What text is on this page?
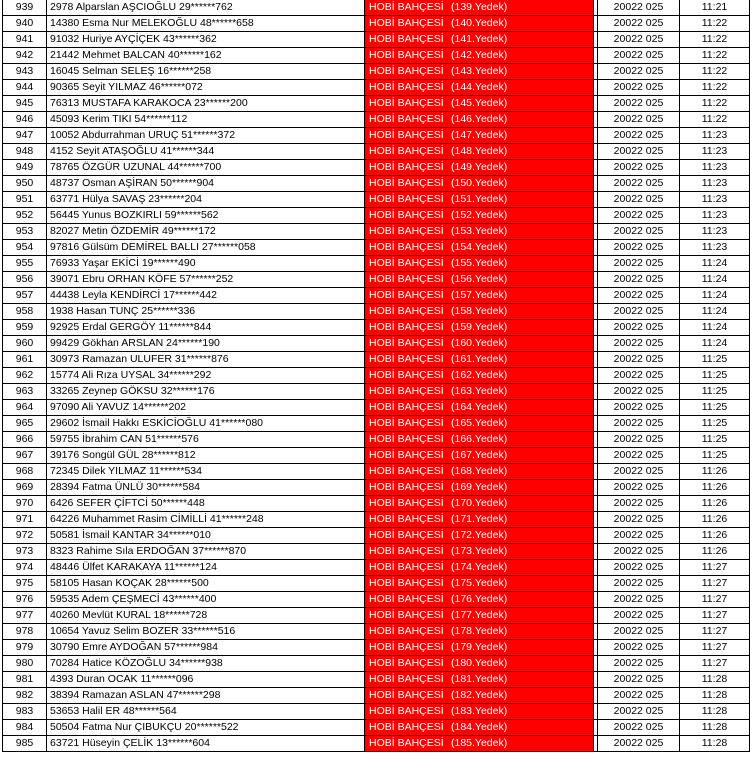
939	2978 Alparslan AŞCIOĞLU 29******762	HOBİ BAHÇESİ (139.Yedek)	20022 025	11:21
940	14380 Esma Nur MELEKOĞLU 48******658	HOBİ BAHÇESİ (140.Yedek)	20022 025	11:22
941	91032 Huriye AYÇİÇEK 43******362	HOBİ BAHÇESİ (141.Yedek)	20022 025	11:22
942	21442 Mehmet BALCAN 40******162	HOBİ BAHÇESİ (142.Yedek)	20022 025	11:22
943	16045 Selman SELEŞ 16******258	HOBİ BAHÇESİ (143.Yedek)	20022 025	11:22
944	90365 Seyit YILMAZ 46******072	HOBİ BAHÇESİ (144.Yedek)	20022 025	11:22
945	76313 MUSTAFA KARAKOCA 23******200	HOBİ BAHÇESİ (145.Yedek)	20022 025	11:22
946	45093 Kerim TIKI 54******112	HOBİ BAHÇESİ (146.Yedek)	20022 025	11:22
947	10052 Abdurrahman URUÇ 51******372	HOBİ BAHÇESİ (147.Yedek)	20022 025	11:23
948	4152 Seyit ATAŞOĞLU 41******344	HOBİ BAHÇESİ (148.Yedek)	20022 025	11:23
949	78765 ÖZGÜR UZUNAL 44******700	HOBİ BAHÇESİ (149.Yedek)	20022 025	11:23
950	48737 Osman AŞİRAN 50******904	HOBİ BAHÇESİ (150.Yedek)	20022 025	11:23
951	63771 Hülya SAVAŞ 23******204	HOBİ BAHÇESİ (151.Yedek)	20022 025	11:23
952	56445 Yunus BOZKIRLI 59******562	HOBİ BAHÇESİ (152.Yedek)	20022 025	11:23
953	82027 Metin ÖZDEMİR 49******172	HOBİ BAHÇESİ (153.Yedek)	20022 025	11:23
954	97816 Gülsüm DEMİREL BALLI 27******058	HOBİ BAHÇESİ (154.Yedek)	20022 025	11:23
955	76933 Yaşar EKİCİ 19******490	HOBİ BAHÇESİ (155.Yedek)	20022 025	11:24
956	39071 Ebru ORHAN KÖFE 57******252	HOBİ BAHÇESİ (156.Yedek)	20022 025	11:24
957	44438 Leyla KENDİRCİ 17******442	HOBİ BAHÇESİ (157.Yedek)	20022 025	11:24
958	1938 Hasan TUNÇ 25******336	HOBİ BAHÇESİ (158.Yedek)	20022 025	11:24
959	92925 Erdal GERGÖY 11******844	HOBİ BAHÇESİ (159.Yedek)	20022 025	11:24
960	99429 Gökhan ARSLAN 24******190	HOBİ BAHÇESİ (160.Yedek)	20022 025	11:24
961	30973 Ramazan ULUFER 31******876	HOBİ BAHÇESİ (161.Yedek)	20022 025	11:25
962	15774 Ali Rıza UYSAL 34******292	HOBİ BAHÇESİ (162.Yedek)	20022 025	11:25
963	33265 Zeynep GÖKSU 32******176	HOBİ BAHÇESİ (163.Yedek)	20022 025	11:25
964	97090 Ali YAVUZ 14******202	HOBİ BAHÇESİ (164.Yedek)	20022 025	11:25
965	29602 İsmail Hakkı ESKİCİOĞLU 41******080	HOBİ BAHÇESİ (165.Yedek)	20022 025	11:25
966	59755 İbrahim CAN 51******576	HOBİ BAHÇESİ (166.Yedek)	20022 025	11:25
967	39176 Songül GÜL 28******812	HOBİ BAHÇESİ (167.Yedek)	20022 025	11:25
968	72345 Dilek YILMAZ 11******534	HOBİ BAHÇESİ (168.Yedek)	20022 025	11:26
969	28394 Fatma ÜNLÜ 30******584	HOBİ BAHÇESİ (169.Yedek)	20022 025	11:26
970	6426 SEFER ÇİFTCİ 50******448	HOBİ BAHÇESİ (170.Yedek)	20022 025	11:26
971	64226 Muhammet Rasim CİMİLLİ 41******248	HOBİ BAHÇESİ (171.Yedek)	20022 025	11:26
972	50581 İsmail KANTAR 34******010	HOBİ BAHÇESİ (172.Yedek)	20022 025	11:26
973	8323 Rahime Sıla ERDOĞAN 37******870	HOBİ BAHÇESİ (173.Yedek)	20022 025	11:26
974	48446 Ülfet KARAKAYA 11******124	HOBİ BAHÇESİ (174.Yedek)	20022 025	11:27
975	58105 Hasan KOÇAK 28******500	HOBİ BAHÇESİ (175.Yedek)	20022 025	11:27
976	59535 Adem ÇEŞMECİ 43******400	HOBİ BAHÇESİ (176.Yedek)	20022 025	11:27
977	40260 Mevlüt KURAL 18******728	HOBİ BAHÇESİ (177.Yedek)	20022 025	11:27
978	10654 Yavuz Selim BOZER 33******516	HOBİ BAHÇESİ (178.Yedek)	20022 025	11:27
979	30790 Emre AYDOĞAN 57******984	HOBİ BAHÇESİ (179.Yedek)	20022 025	11:27
980	70284 Hatice KÖZOĞLU 34******938	HOBİ BAHÇESİ (180.Yedek)	20022 025	11:27
981	4393 Duran OCAK 11******096	HOBİ BAHÇESİ (181.Yedek)	20022 025	11:28
982	38394 Ramazan ASLAN 47******298	HOBİ BAHÇESİ (182.Yedek)	20022 025	11:28
983	53653 Halil ER 48******564	HOBİ BAHÇESİ (183.Yedek)	20022 025	11:28
984	50504 Fatma Nur ÇIBUKÇU 20******522	HOBİ BAHÇESİ (184.Yedek)	20022 025	11:28
985	63721 Hüseyin ÇELİK 13******604	HOBİ BAHÇESİ (185.Yedek)	20022 025	11:28
